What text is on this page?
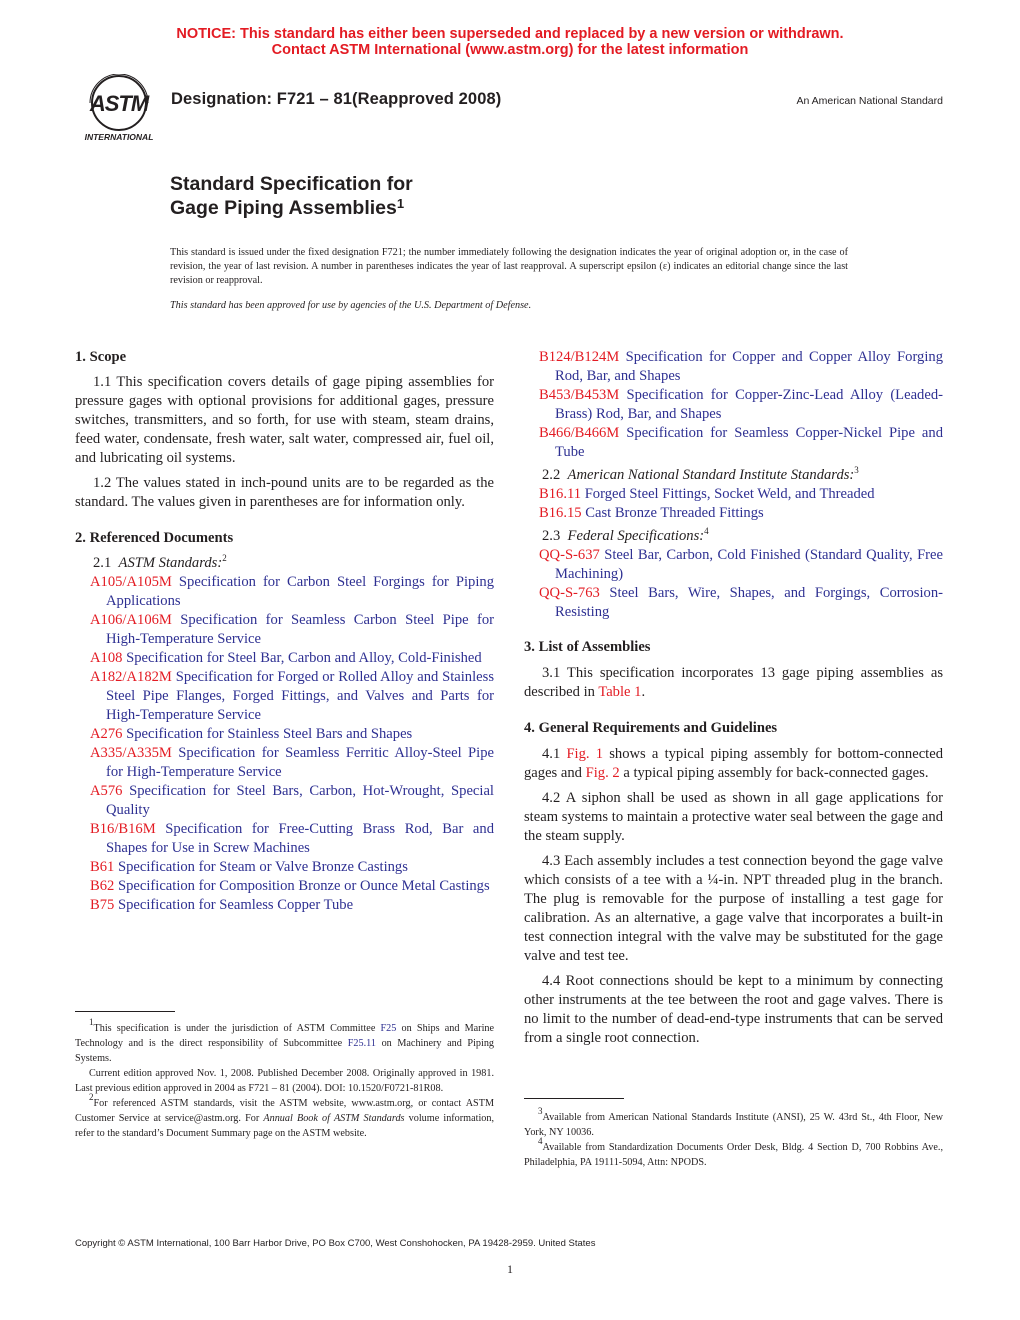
NOTICE: This standard has either been superseded and replaced by a new version or withdrawn.
Contact ASTM International (www.astm.org) for the latest information
ASTM
INTERNATIONAL
Designation: F721 – 81(Reapproved 2008)	An American National Standard
Standard Specification for
Gage Piping Assemblies$^1$
This standard is issued under the fixed designation F721; the number immediately following the designation indicates the year of original adoption or, in the case of revision, the year of last revision. A number in parentheses indicates the year of last reapproval. A superscript epsilon (ε) indicates an editorial change since the last revision or reapproval.
This standard has been approved for use by agencies of the U.S. Department of Defense.

1. Scope

1.1 This specification covers details of gage piping assemblies for pressure gages with optional provisions for additional gages, pressure switches, transmitters, and so forth, for use with steam, steam drains, feed water, condensate, fresh water, salt water, compressed air, fuel oil, and lubricating oil systems.

1.2 The values stated in inch-pound units are to be regarded as the standard. The values given in parentheses are for information only.

2. Referenced Documents

2.1 ASTM Standards:$^2$

A105/A105M Specification for Carbon Steel Forgings for Piping Applications

A106/A106M Specification for Seamless Carbon Steel Pipe for High-Temperature Service

A108 Specification for Steel Bar, Carbon and Alloy, Cold-Finished

A182/A182M Specification for Forged or Rolled Alloy and Stainless Steel Pipe Flanges, Forged Fittings, and Valves and Parts for High-Temperature Service

A276 Specification for Stainless Steel Bars and Shapes

A335/A335M Specification for Seamless Ferritic Alloy-Steel Pipe for High-Temperature Service

A576 Specification for Steel Bars, Carbon, Hot-Wrought, Special Quality

B16/B16M Specification for Free-Cutting Brass Rod, Bar and Shapes for Use in Screw Machines

B61 Specification for Steam or Valve Bronze Castings

B62 Specification for Composition Bronze or Ounce Metal Castings

B75 Specification for Seamless Copper Tube

B124/B124M Specification for Copper and Copper Alloy Forging Rod, Bar, and Shapes

B453/B453M Specification for Copper-Zinc-Lead Alloy (Leaded-Brass) Rod, Bar, and Shapes

B466/B466M Specification for Seamless Copper-Nickel Pipe and Tube

2.2 American National Standard Institute Standards:$^3$

B16.11 Forged Steel Fittings, Socket Weld, and Threaded

B16.15 Cast Bronze Threaded Fittings

2.3 Federal Specifications:$^4$

QQ-S-637 Steel Bar, Carbon, Cold Finished (Standard Quality, Free Machining)

QQ-S-763 Steel Bars, Wire, Shapes, and Forgings, Corrosion-Resisting

3. List of Assemblies

3.1 This specification incorporates 13 gage piping assemblies as described in Table 1.

4. General Requirements and Guidelines

4.1 Fig. 1 shows a typical piping assembly for bottom-connected gages and Fig. 2 a typical piping assembly for back-connected gages.

4.2 A siphon shall be used as shown in all gage applications for steam systems to maintain a protective water seal between the gage and the steam supply.

4.3 Each assembly includes a test connection beyond the gage valve which consists of a tee with a ¼-in. NPT threaded plug in the branch. The plug is removable for the purpose of installing a test gage for calibration. As an alternative, a gage valve that incorporates a built-in test connection integral with the valve may be substituted for the gage valve and test tee.

4.4 Root connections should be kept to a minimum by connecting other instruments at the tee between the root and gage valves. There is no limit to the number of dead-end-type instruments that can be served from a single root connection.

$^1$This specification is under the jurisdiction of ASTM Committee F25 on Ships and Marine Technology and is the direct responsibility of Subcommittee F25.11 on Machinery and Piping Systems.

Current edition approved Nov. 1, 2008. Published December 2008. Originally approved in 1981. Last previous edition approved in 2004 as F721 – 81 (2004). DOI: 10.1520/F0721-81R08.

$^2$For referenced ASTM standards, visit the ASTM website, www.astm.org, or contact ASTM Customer Service at service@astm.org. For Annual Book of ASTM Standards volume information, refer to the standard’s Document Summary page on the ASTM website.

$^3$Available from American National Standards Institute (ANSI), 25 W. 43rd St., 4th Floor, New York, NY 10036.

$^4$Available from Standardization Documents Order Desk, Bldg. 4 Section D, 700 Robbins Ave., Philadelphia, PA 19111-5094, Attn: NPODS.

Copyright © ASTM International, 100 Barr Harbor Drive, PO Box C700, West Conshohocken, PA 19428-2959. United States
1
